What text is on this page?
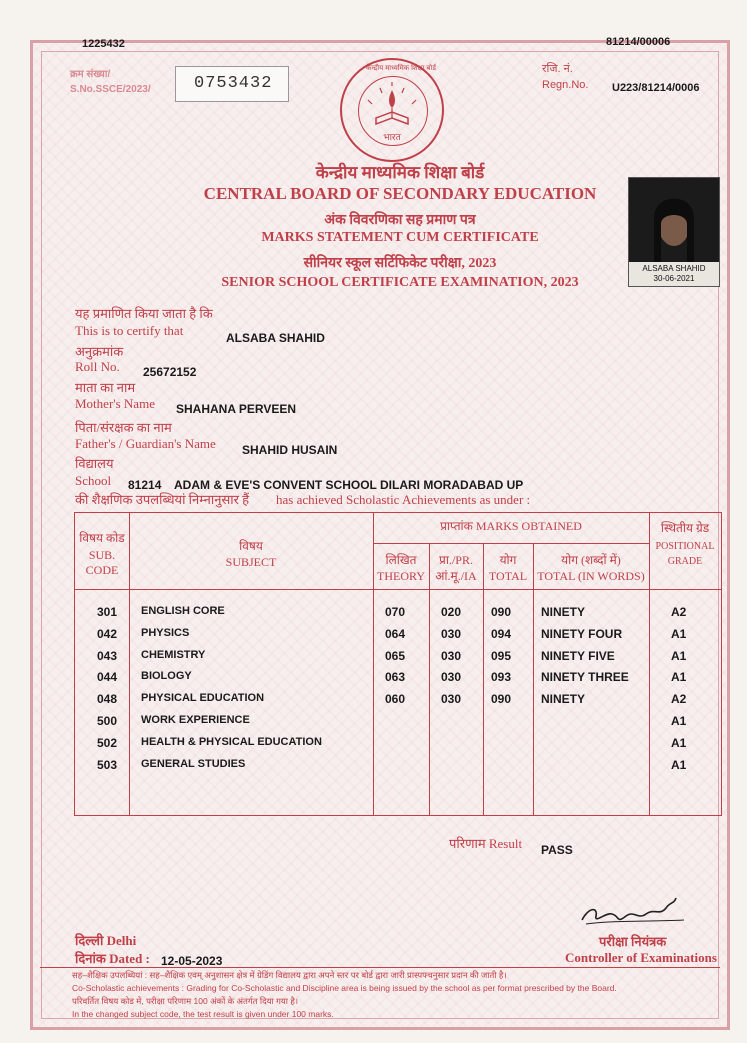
1225432	81214/00006
क्रम संख्या/
S.No.SSCE/2023/	0753432
रजि. नं.
Regn.No. U223/81214/0006
केन्द्रीय माध्यमिक शिक्षा बोर्ड
भारत
केन्द्रीय माध्यमिक शिक्षा बोर्ड
CENTRAL BOARD OF SECONDARY EDUCATION
अंक विवरणिका सह प्रमाण पत्र
MARKS STATEMENT CUM CERTIFICATE
सीनियर स्कूल सर्टिफिकेट परीक्षा, 2023
SENIOR SCHOOL CERTIFICATE EXAMINATION, 2023
ALSABA SHAHID
30-06-2021
यह प्रमाणित किया जाता है कि
This is to certify that	ALSABA SHAHID
अनुक्रमांक
Roll No. 25672152
माता का नाम
Mother's Name SHAHANA PERVEEN
पिता/संरक्षक का नाम
Father's / Guardian's Name SHAHID HUSAIN
विद्यालय
School 81214 ADAM & EVE'S CONVENT SCHOOL DILARI MORADABAD UP
की शैक्षणिक उपलब्धियां निम्नानुसार हैं has achieved Scholastic Achievements as under :
विषय कोड
SUB.
CODE
विषय
SUBJECT
प्राप्तांक MARKS OBTAINED
लिखित
THEORY
प्रा./PR.
आं.मू./IA
योग
TOTAL
योग (शब्दों में)
TOTAL (IN WORDS)
स्थितीय ग्रेड
POSITIONAL
GRADE
301 ENGLISH CORE	070	020 090 NINETY	A2
042 PHYSICS	064	030 094 NINETY FOUR	A1
043 CHEMISTRY	065	030 095 NINETY FIVE	A1
044 BIOLOGY	063	030 093 NINETY THREE	A1
048 PHYSICAL EDUCATION	060	030 090 NINETY	A2
500 WORK EXPERIENCE	A1
502 HEALTH & PHYSICAL EDUCATION	A1
503 GENERAL STUDIES	A1
परिणाम Result PASS
दिल्ली Delhi
दिनांक Dated : 12-05-2023
परीक्षा नियंत्रक
Controller of Examinations
सह–शैक्षिक उपलब्धियां : सह–शैक्षिक एवम् अनुशासन क्षेत्र में ग्रेडिंग विद्यालय द्वारा अपने स्तर पर बोर्ड द्वारा जारी प्रास्पफ्चनुसार प्रदान की जाती है।
Co-Scholastic achievements : Grading for Co-Scholastic and Discipline area is being issued by the school as per format prescribed by the Board.
परिवर्तित विषय कोड में, परीक्षा परिणाम 100 अंकों के अंतर्गत दिया गया है।
In the changed subject code, the test result is given under 100 marks.
